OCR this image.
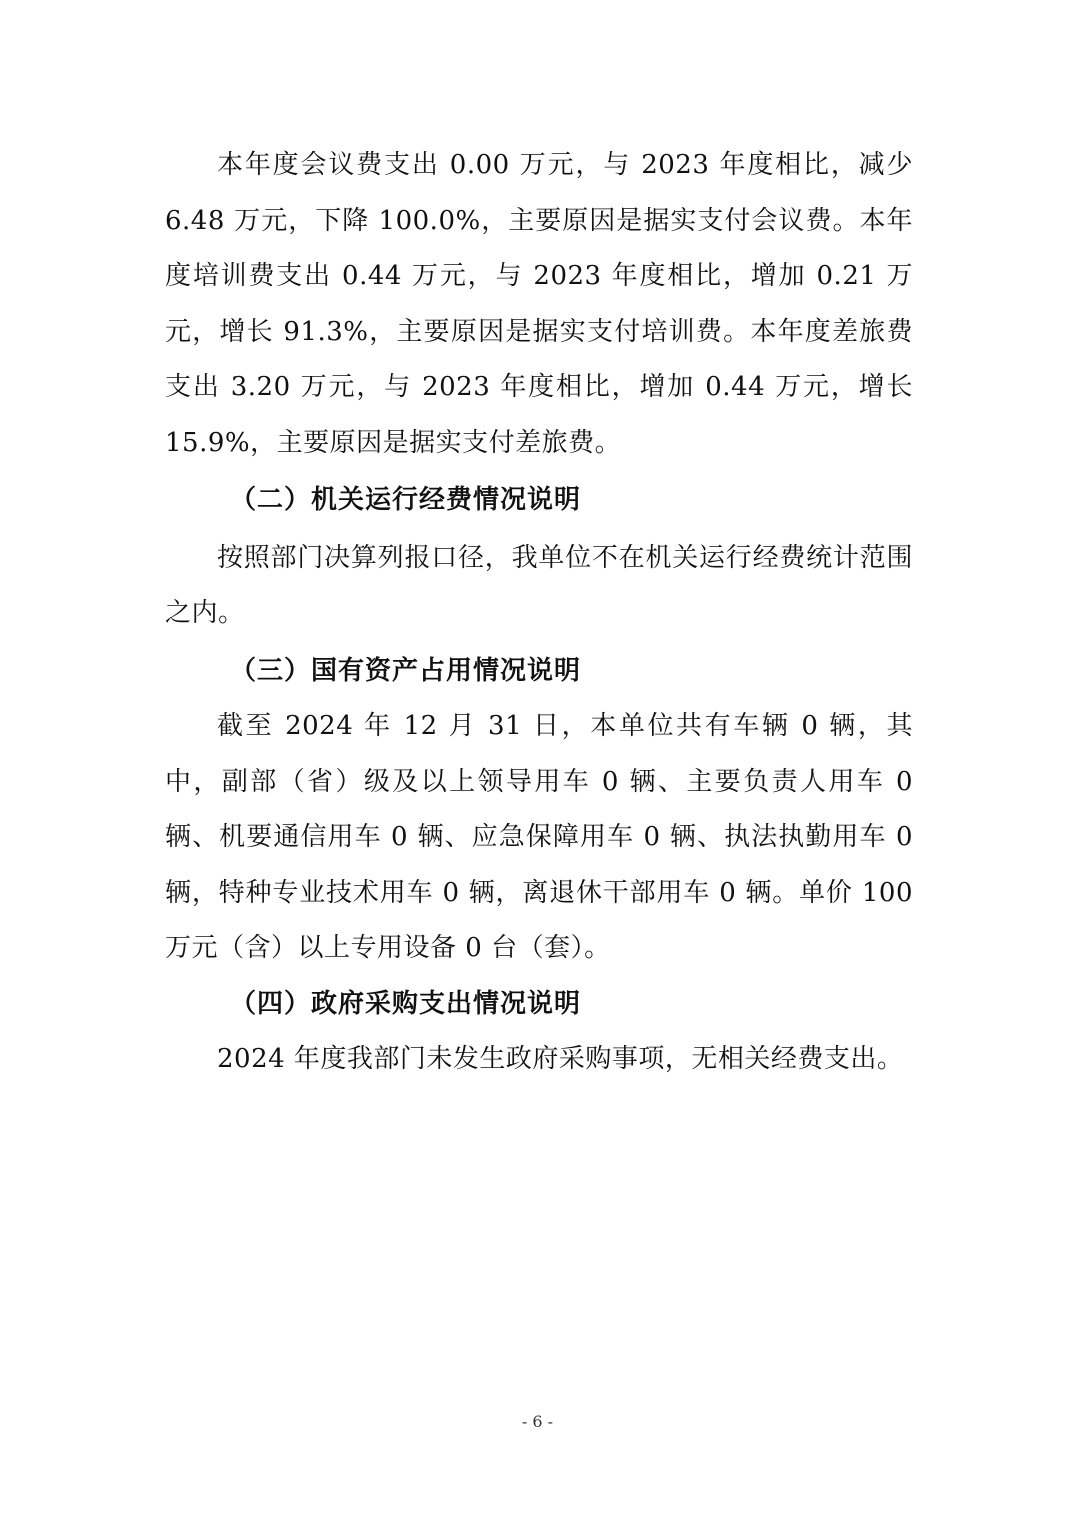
本年度会议费支出 0.00 万元，与 2023 年度相比，减少 6.48 万元，下降 100.0%，主要原因是据实支付会议费。本年度培训费支出 0.44 万元，与 2023 年度相比，增加 0.21 万元，增长 91.3%，主要原因是据实支付培训费。本年度差旅费支出 3.20 万元，与 2023 年度相比，增加 0.44 万元，增长 15.9%，主要原因是据实支付差旅费。

（二）机关运行经费情况说明

按照部门决算列报口径，我单位不在机关运行经费统计范围之内。

（三）国有资产占用情况说明

截至 2024 年 12 月 31 日，本单位共有车辆 0 辆，其中，副部（省）级及以上领导用车 0 辆、主要负责人用车 0 辆、机要通信用车 0 辆、应急保障用车 0 辆、执法执勤用车 0 辆，特种专业技术用车 0 辆，离退休干部用车 0 辆。单价 100 万元（含）以上专用设备 0 台（套）。

（四）政府采购支出情况说明

2024 年度我部门未发生政府采购事项，无相关经费支出。

- 6 -
